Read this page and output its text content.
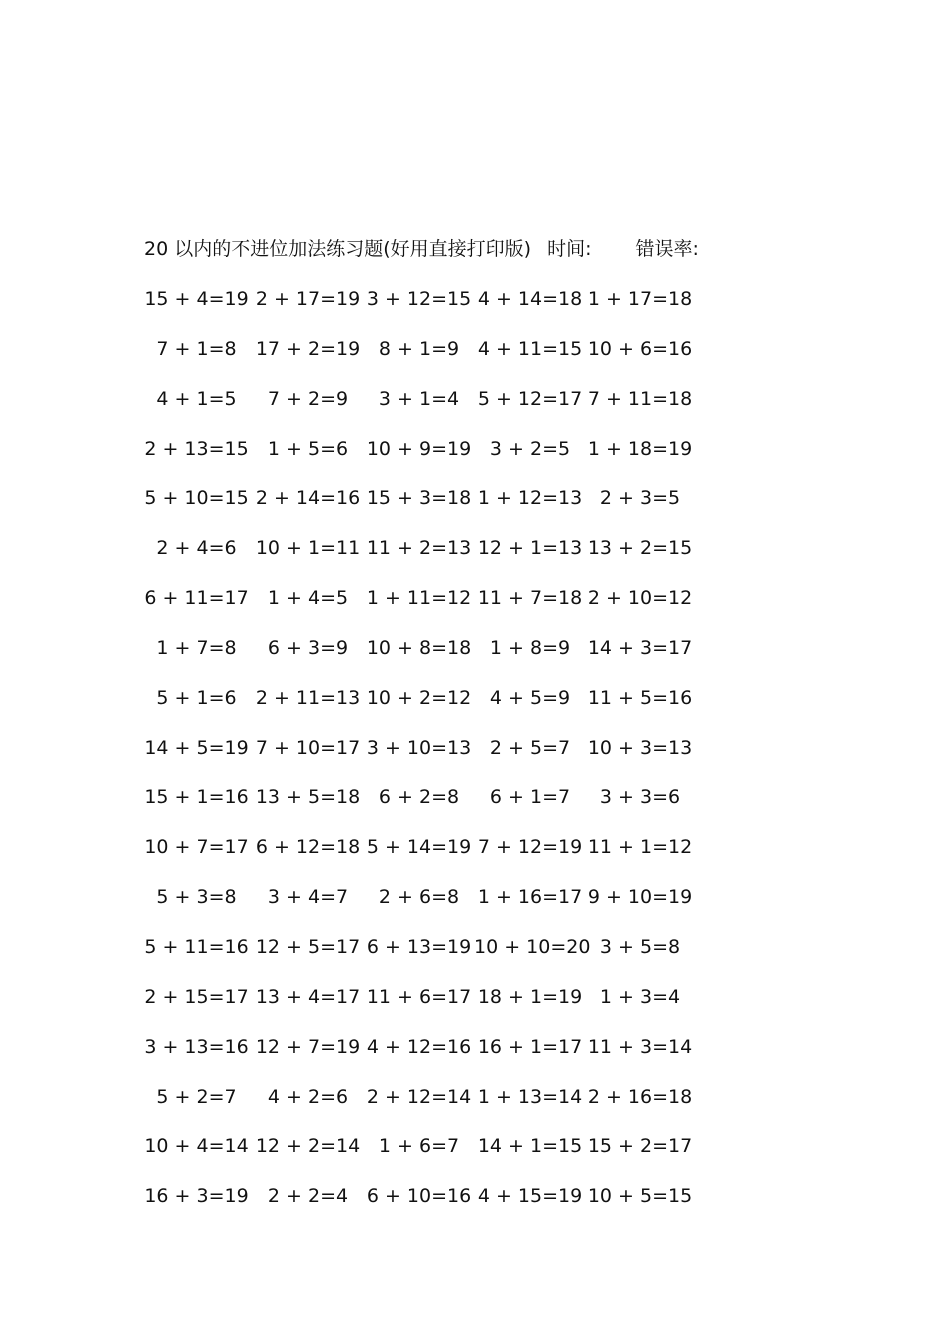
20 以内的不进位加法练习题(好用直接打印版) 时间: 错误率:
15 + 4=19 2 + 17=19 3 + 12=15 4 + 14=18 1 + 17=18
7 + 1=8	17 + 2=19 8 + 1=9 4 + 11=15 10 + 6=16
4 + 1=5	7 + 2=9	3 + 1=4 5 + 12=17 7 + 11=18
2 + 13=15	1 + 5=6 10 + 9=19 3 + 2=5 1 + 18=19
5 + 10=15 2 + 14=16 15 + 3=18 1 + 12=13 2 + 3=5
2 + 4=6	10 + 1=11 11 + 2=13 12 + 1=13 13 + 2=15
6 + 11=17	1 + 4=5 1 + 11=12 11 + 7=18 2 + 10=12
1 + 7=8	6 + 3=9 10 + 8=18 1 + 8=9 14 + 3=17
5 + 1=6	2 + 11=13 10 + 2=12 4 + 5=9 11 + 5=16
14 + 5=19 7 + 10=17 3 + 10=13 2 + 5=7 10 + 3=13
15 + 1=16 13 + 5=18 6 + 2=8	6 + 1=7	3 + 3=6
10 + 7=17 6 + 12=18 5 + 14=19 7 + 12=19 11 + 1=12
5 + 3=8	3 + 4=7	2 + 6=8 1 + 16=17 9 + 10=19
5 + 11=16 12 + 5=17 6 + 13=19 10 + 10=20 3 + 5=8
2 + 15=17 13 + 4=17 11 + 6=17 18 + 1=19 1 + 3=4
3 + 13=16 12 + 7=19 4 + 12=16 16 + 1=17 11 + 3=14
5 + 2=7	4 + 2=6 2 + 12=14 1 + 13=14 2 + 16=18
10 + 4=14 12 + 2=14 1 + 6=7 14 + 1=15 15 + 2=17
16 + 3=19	2 + 2=4 6 + 10=16 4 + 15=19 10 + 5=15
